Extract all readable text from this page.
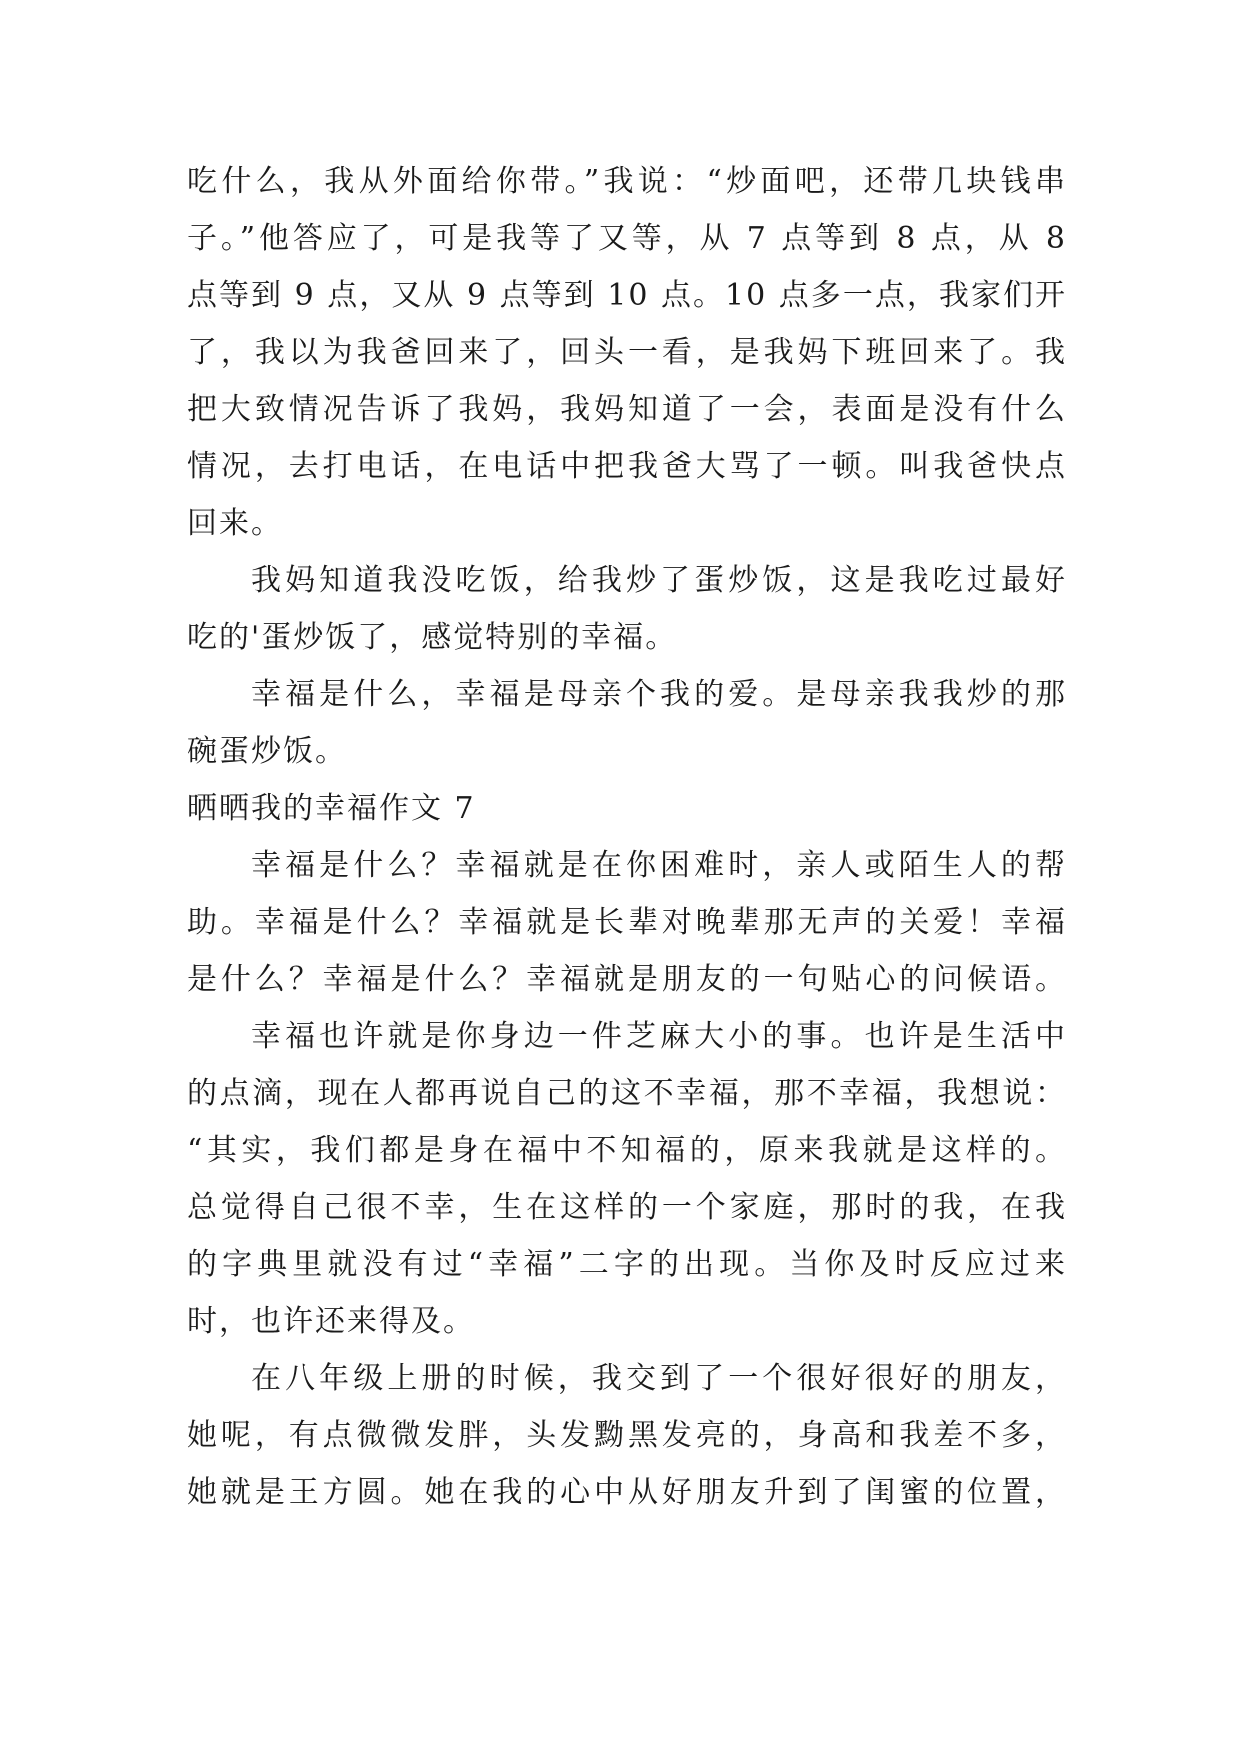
吃什么，我从外面给你带。”我说：“炒面吧，还带几块钱串
子。”他答应了，可是我等了又等，从 7 点等到 8 点，从 8
点等到 9 点，又从 9 点等到 10 点。10 点多一点，我家们开
了，我以为我爸回来了，回头一看，是我妈下班回来了。我
把大致情况告诉了我妈，我妈知道了一会，表面是没有什么
情况，去打电话，在电话中把我爸大骂了一顿。叫我爸快点
回来。
我妈知道我没吃饭，给我炒了蛋炒饭，这是我吃过最好
吃的'蛋炒饭了，感觉特别的幸福。
幸福是什么，幸福是母亲个我的爱。是母亲我我炒的那
碗蛋炒饭。
晒晒我的幸福作文 7
幸福是什么？幸福就是在你困难时，亲人或陌生人的帮
助。幸福是什么？幸福就是长辈对晚辈那无声的关爱！幸福
是什么？幸福是什么？幸福就是朋友的一句贴心的问候语。
幸福也许就是你身边一件芝麻大小的事。也许是生活中
的点滴，现在人都再说自己的这不幸福，那不幸福，我想说：
“其实，我们都是身在福中不知福的，原来我就是这样的。
总觉得自己很不幸，生在这样的一个家庭，那时的我，在我
的字典里就没有过“幸福”二字的出现。当你及时反应过来
时，也许还来得及。
在八年级上册的时候，我交到了一个很好很好的朋友，
她呢，有点微微发胖，头发黝黑发亮的，身高和我差不多，
她就是王方圆。她在我的心中从好朋友升到了闺蜜的位置，
